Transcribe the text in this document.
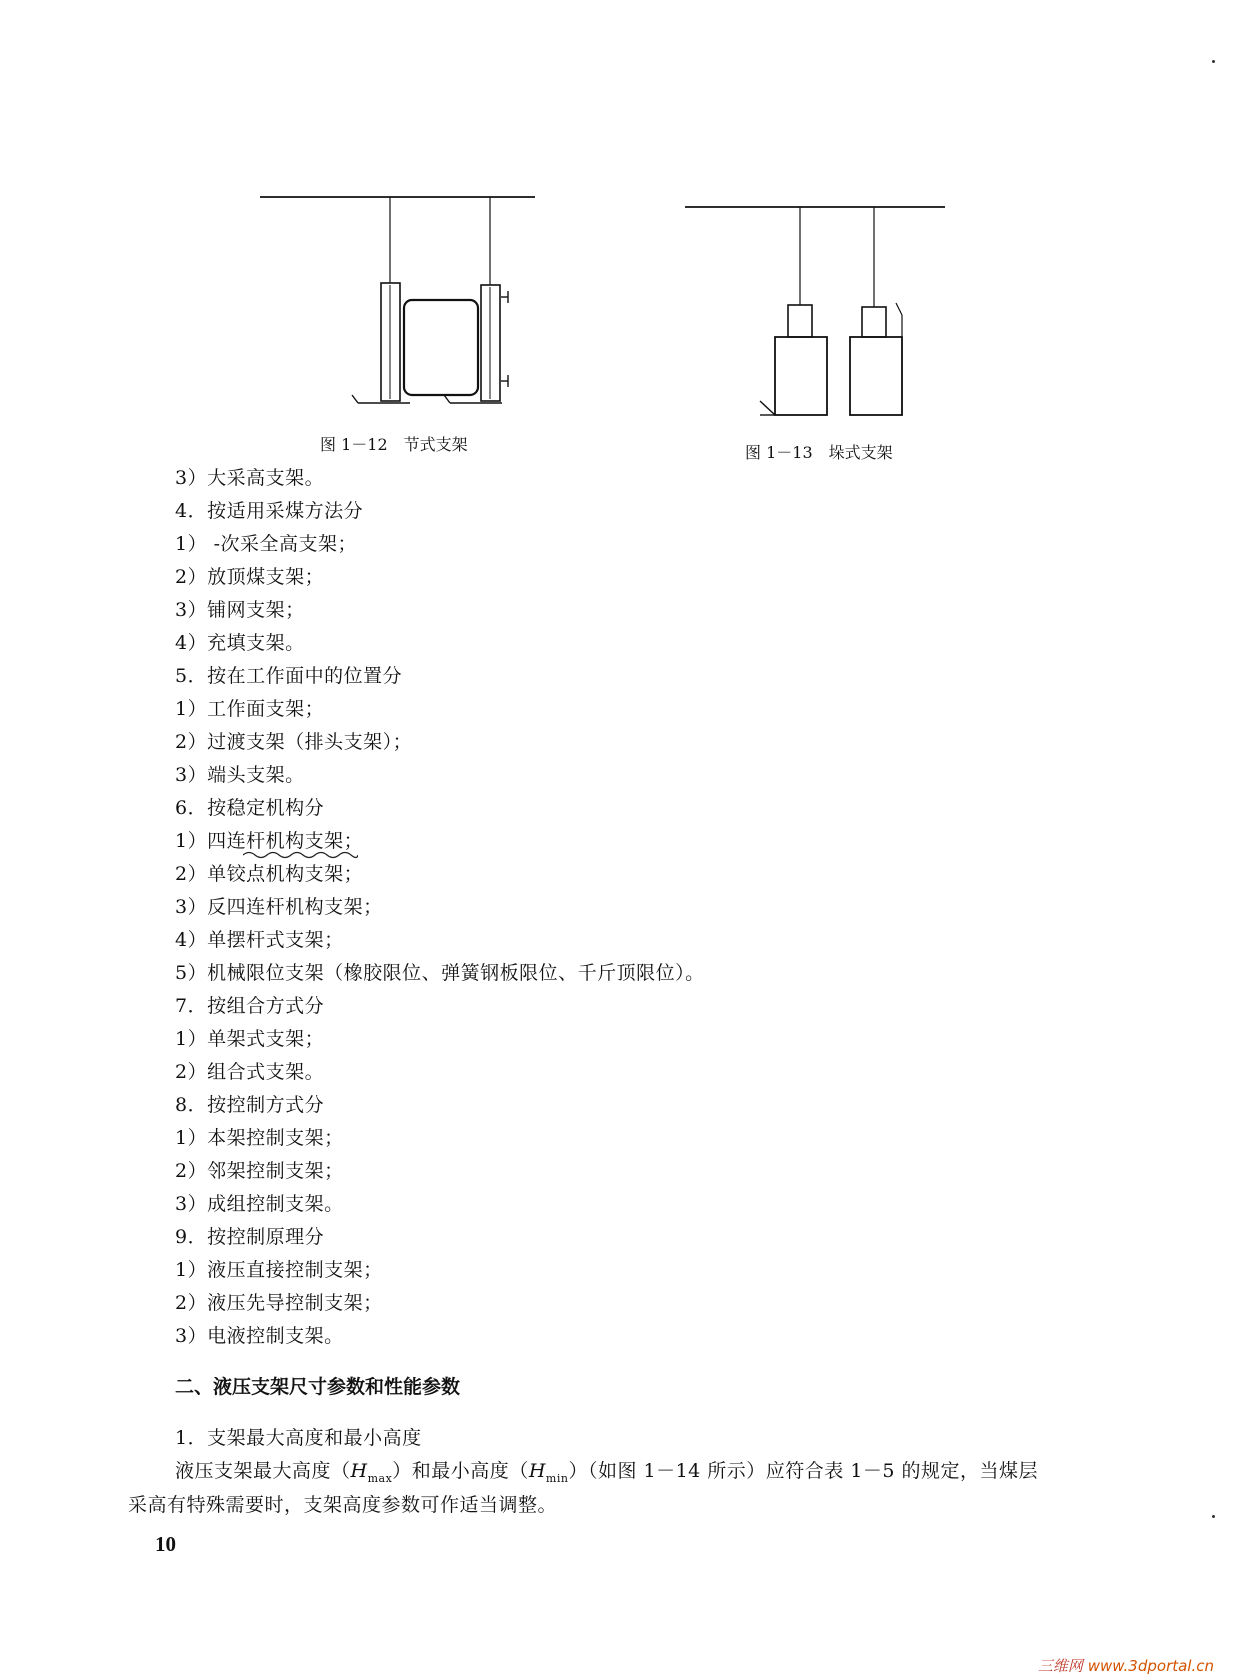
图 1－12　节式支架	图 1－13　垛式支架
3）大采高支架。
4．按适用采煤方法分
1） -次采全高支架；
2）放顶煤支架；
3）铺网支架；
4）充填支架。
5．按在工作面中的位置分
1）工作面支架；
2）过渡支架（排头支架）；
3）端头支架。
6．按稳定机构分
1）四连杆机构支架；
2）单铰点机构支架；
3）反四连杆机构支架；
4）单摆杆式支架；
5）机械限位支架（橡胶限位、弹簧钢板限位、千斤顶限位）。
7．按组合方式分
1）单架式支架；
2）组合式支架。
8．按控制方式分
1）本架控制支架；
2）邻架控制支架；
3）成组控制支架。
9．按控制原理分
1）液压直接控制支架；
2）液压先导控制支架；
3）电液控制支架。
二、液压支架尺寸参数和性能参数
1．支架最大高度和最小高度
液压支架最大高度$(H_{max})$和最小高度$(H_{min})$（如图 1－14 所示）应符合表 1－5 的规定，当煤层
采高有特殊需要时，支架高度参数可作适当调整。
10
三维网 www.3dportal.cn
